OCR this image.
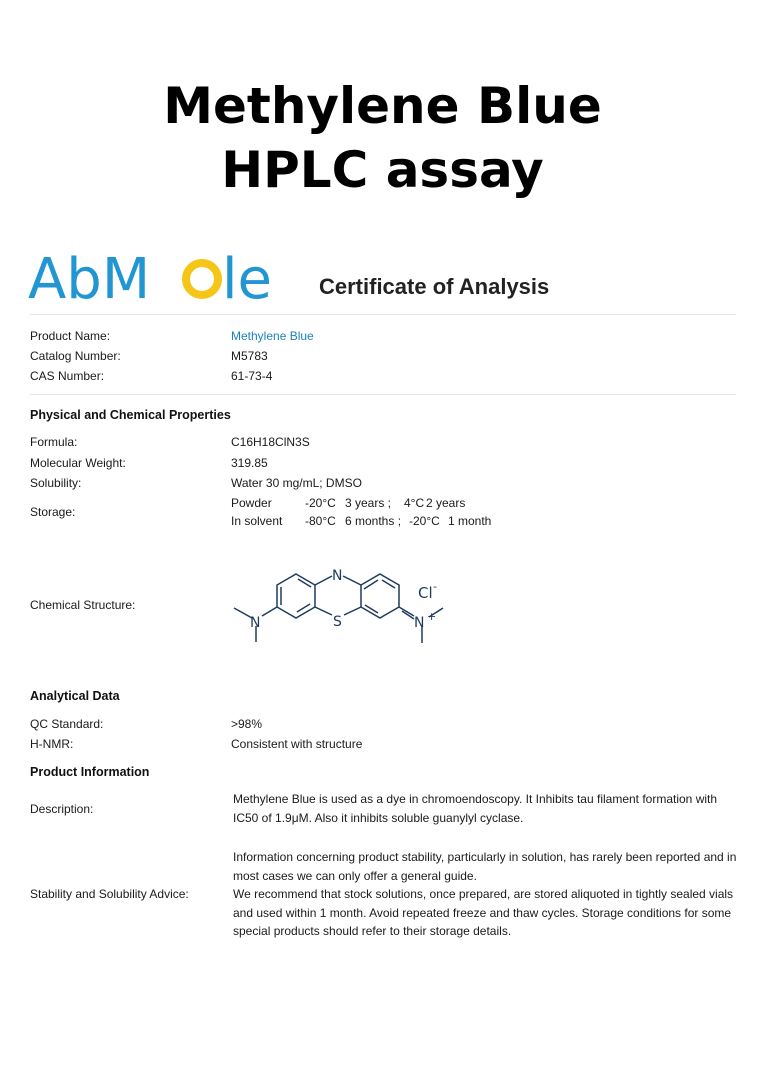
Methylene Blue
HPLC assay
AbM le Certificate of Analysis
Product Name:	Methylene Blue
Catalog Number:	M5783
CAS Number:	61-73-4
Physical and Chemical Properties
Formula:	C16H18ClN3S
Molecular Weight:	319.85
Solubility:	Water 30 mg/mL; DMSO
Storage:
Powder	-20°C 3 years ; 4°C 2 years
In solvent -80°C 6 months ; -20°C 1 month
Chemical Structure:
N
S
N	N +
Cl -
Analytical Data
QC Standard:	>98%
H-NMR:	Consistent with structure
Product Information
Description:

Methylene Blue is used as a dye in chromoendoscopy. It Inhibits tau filament formation with

IC50 of 1.9μM. Also it inhibits soluble guanylyl cyclase.

Stability and Solubility Advice:

Information concerning product stability, particularly in solution, has rarely been reported and in

most cases we can only offer a general guide.

We recommend that stock solutions, once prepared, are stored aliquoted in tightly sealed vials

and used within 1 month. Avoid repeated freeze and thaw cycles. Storage conditions for some

special products should refer to their storage details.
